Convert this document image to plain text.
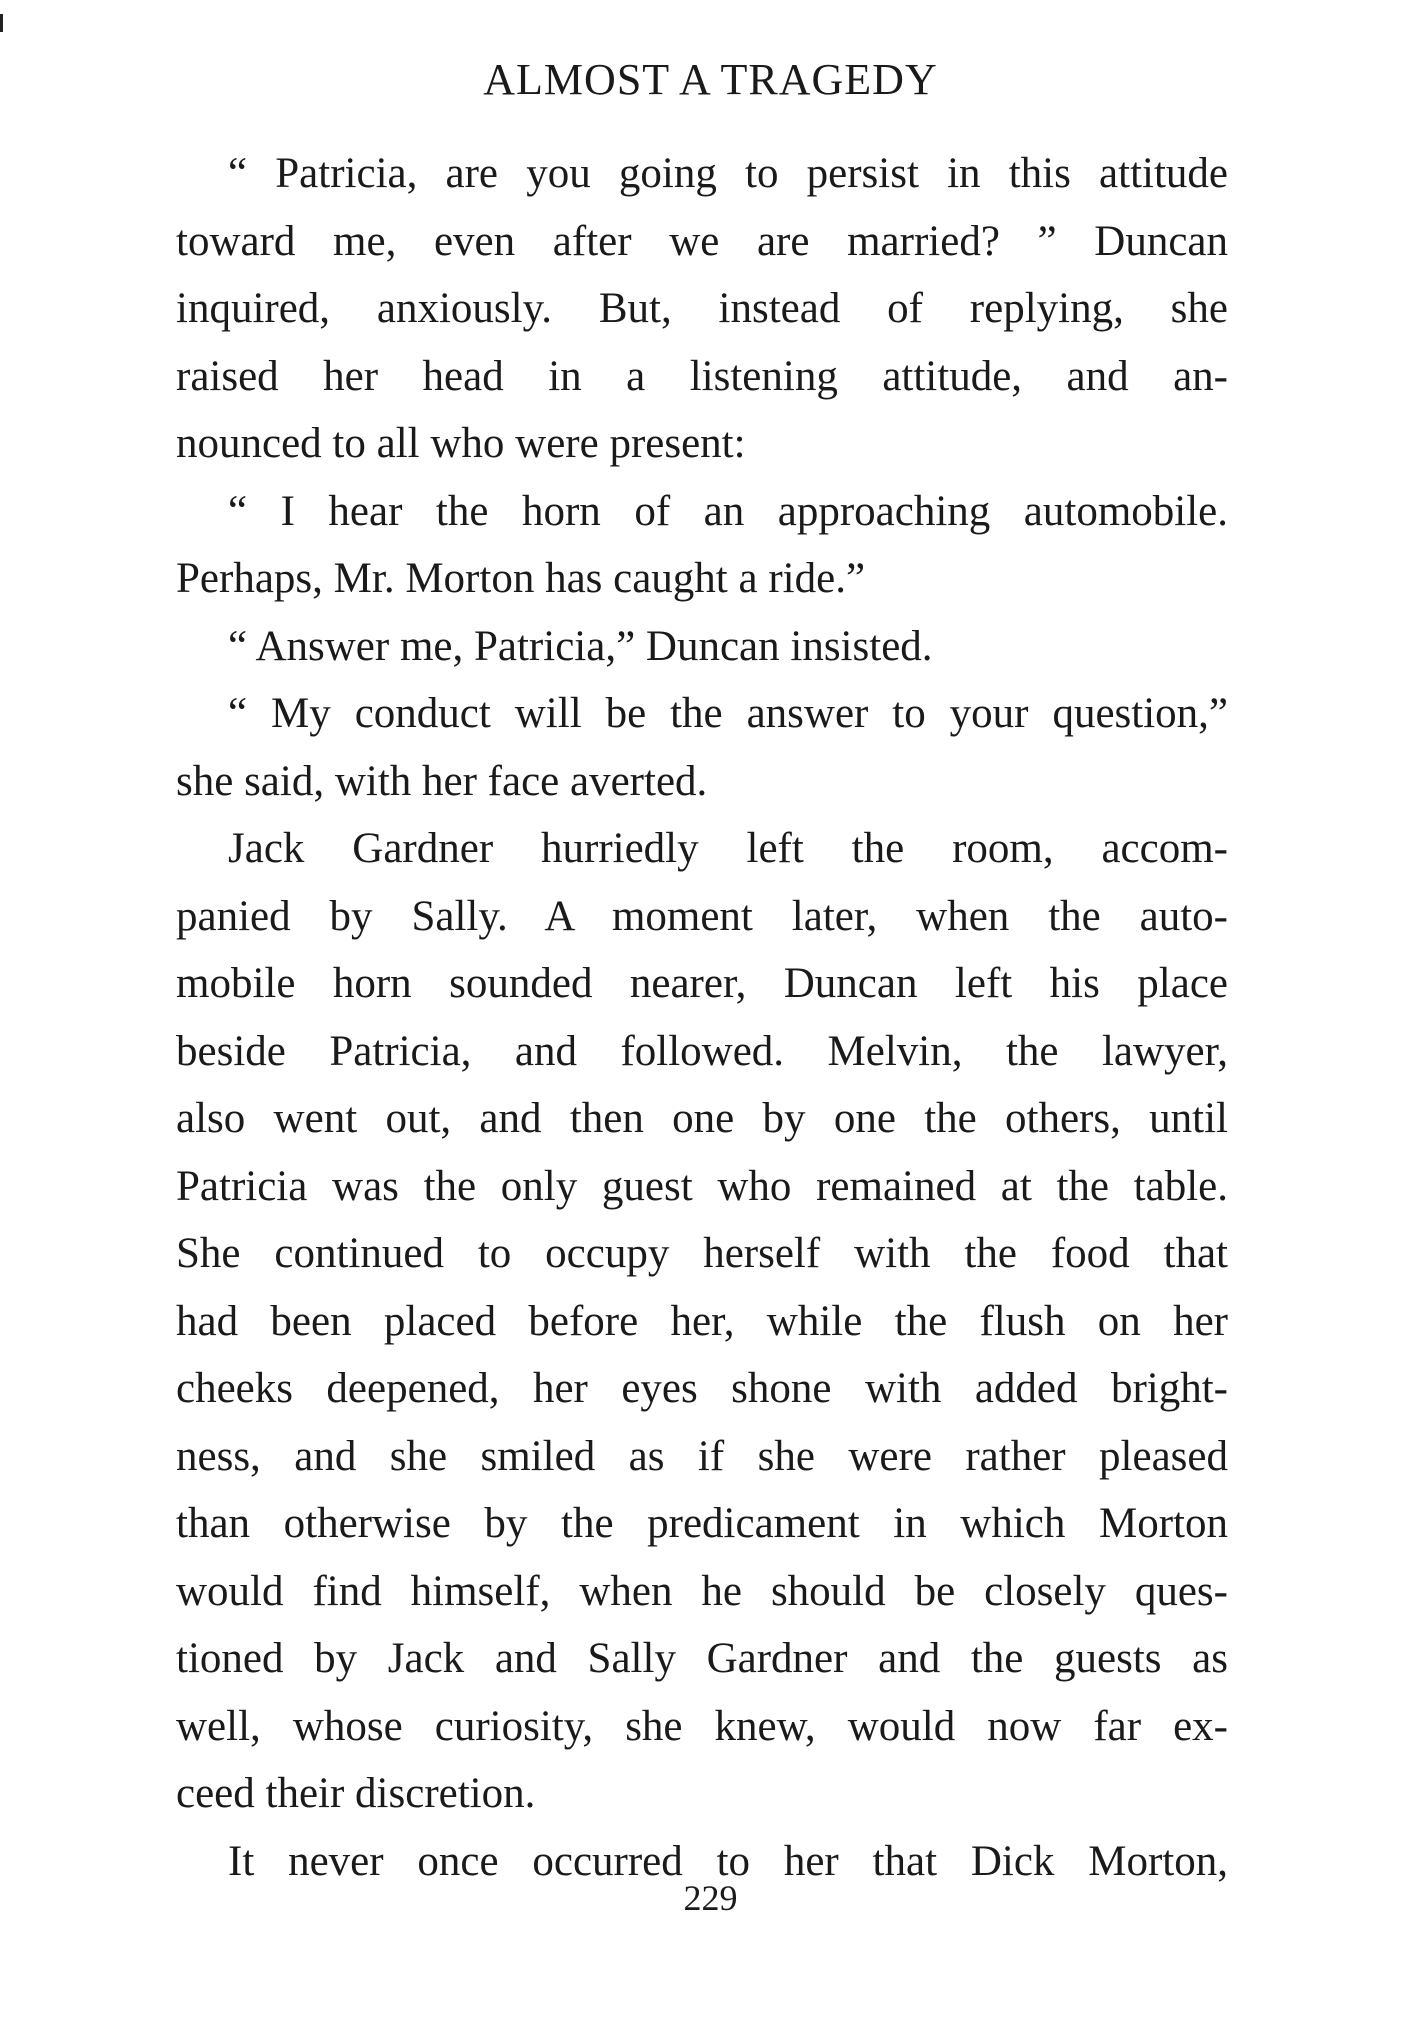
ALMOST A TRAGEDY
“ Patricia, are you going to persist in this attitude
toward me, even after we are married? ” Duncan
inquired, anxiously. But, instead of replying, she
raised her head in a listening attitude, and an-
nounced to all who were present:
“ I hear the horn of an approaching automobile.
Perhaps, Mr. Morton has caught a ride.”
“ Answer me, Patricia,” Duncan insisted.
“ My conduct will be the answer to your question,”
she said, with her face averted.
Jack Gardner hurriedly left the room, accom-
panied by Sally. A moment later, when the auto-
mobile horn sounded nearer, Duncan left his place
beside Patricia, and followed. Melvin, the lawyer,
also went out, and then one by one the others, until
Patricia was the only guest who remained at the table.
She continued to occupy herself with the food that
had been placed before her, while the flush on her
cheeks deepened, her eyes shone with added bright-
ness, and she smiled as if she were rather pleased
than otherwise by the predicament in which Morton
would find himself, when he should be closely ques-
tioned by Jack and Sally Gardner and the guests as
well, whose curiosity, she knew, would now far ex-
ceed their discretion.
It never once occurred to her that Dick Morton,
229
